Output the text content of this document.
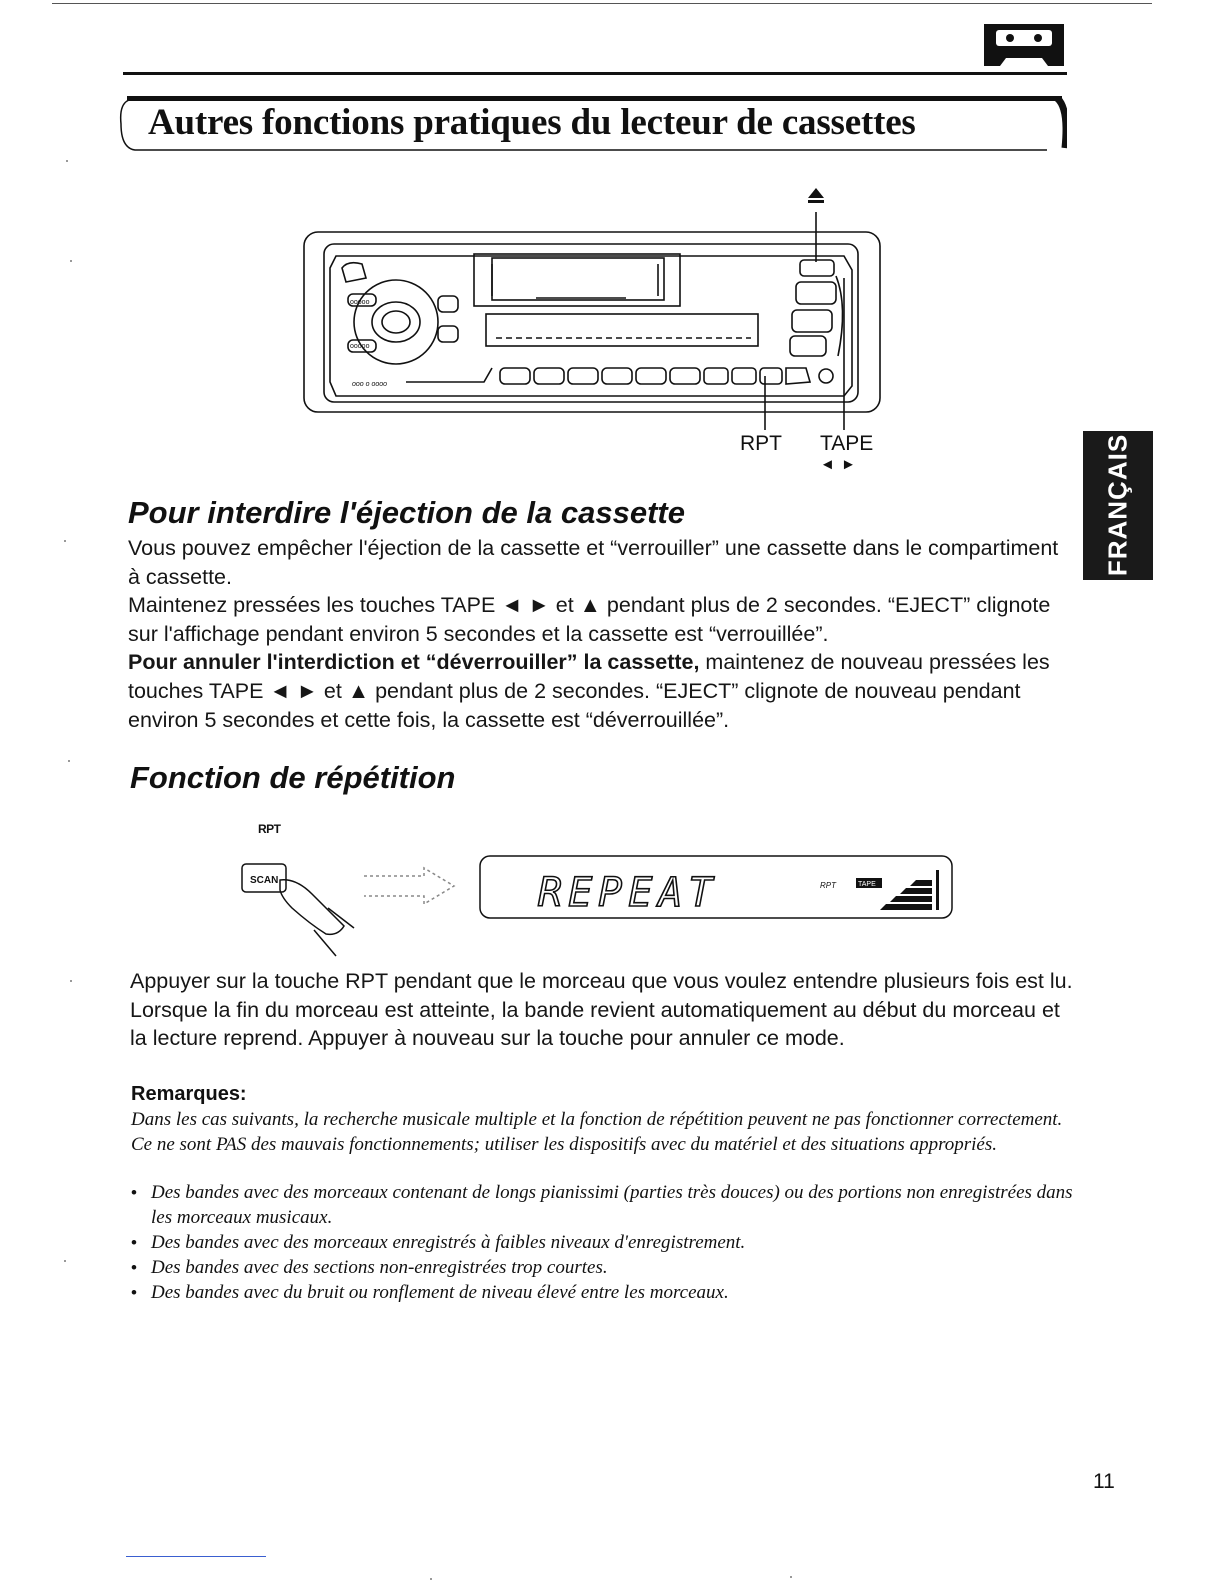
Autres fonctions pratiques du lecteur de cassettes
ooo o oooo
ooooo
ooooo
RPT TAPE
◄ ►	FRANÇAIS
Pour interdire l'éjection de la cassette
Vous pouvez empêcher l'éjection de la cassette et “verrouiller” une cassette dans le compartiment à cassette.
Maintenez pressées les touches TAPE ◄ ► et ▲ pendant plus de 2 secondes. “EJECT” clignote sur l'affichage pendant environ 5 secondes et la cassette est “verrouillée”.
Pour annuler l'interdiction et “déverrouiller” la cassette, maintenez de nouveau pressées les touches TAPE ◄ ► et ▲ pendant plus de 2 secondes. “EJECT” clignote de nouveau pendant environ 5 secondes et cette fois, la cassette est “déverrouillée”.
Fonction de répétition
RPT
SCAN	REPEAT	RPT	TAPE
Appuyer sur la touche RPT pendant que le morceau que vous voulez entendre plusieurs fois est lu. Lorsque la fin du morceau est atteinte, la bande revient automatiquement au début du morceau et la lecture reprend. Appuyer à nouveau sur la touche pour annuler ce mode.
Remarques:
Dans les cas suivants, la recherche musicale multiple et la fonction de répétition peuvent ne pas fonctionner correctement. Ce ne sont PAS des mauvais fonctionnements; utiliser les dispositifs avec du matériel et des situations appropriés.
• Des bandes avec des morceaux contenant de longs pianissimi (parties très douces) ou des portions non enregistrées dans les morceaux musicaux.
• Des bandes avec des morceaux enregistrés à faibles niveaux d'enregistrement.
• Des bandes avec des sections non-enregistrées trop courtes.
• Des bandes avec du bruit ou ronflement de niveau élevé entre les morceaux.
11
